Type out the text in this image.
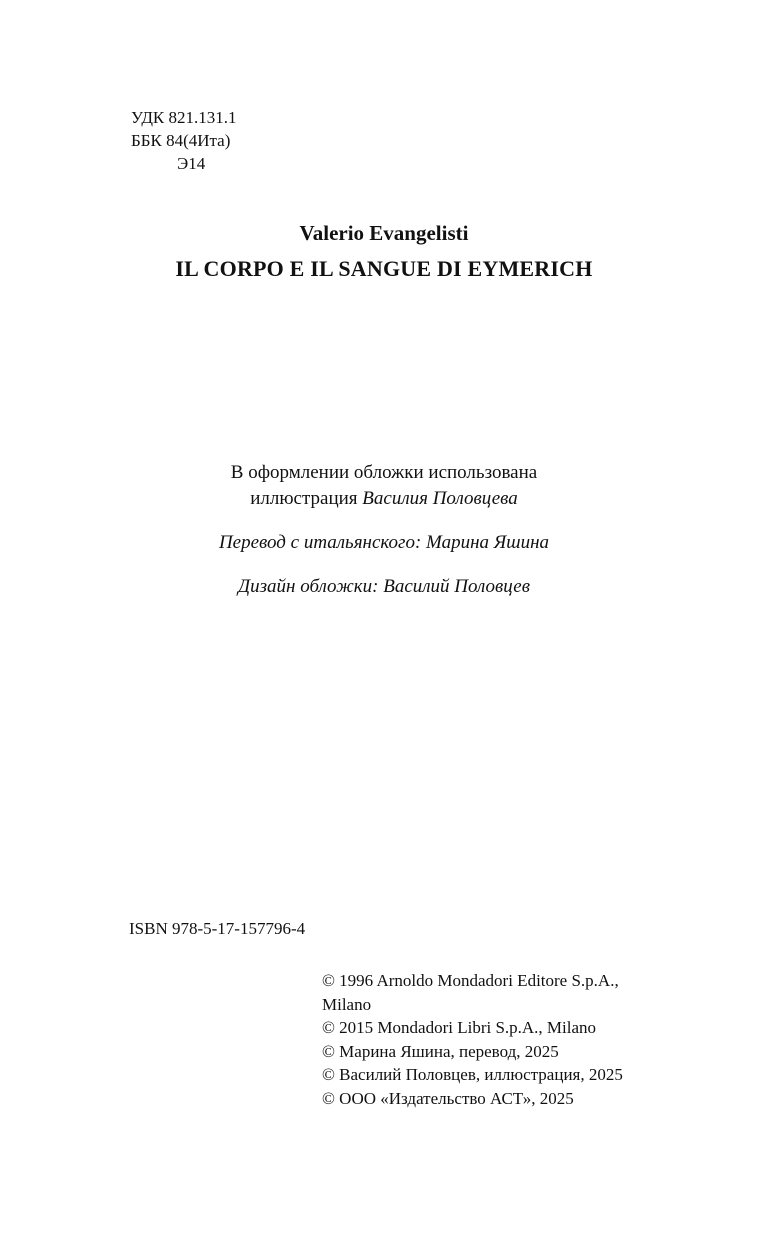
УДК 821.131.1
ББК 84(4Ита)
Э14
Valerio Evangelisti
IL CORPO E IL SANGUE DI EYMERICH
В оформлении обложки использована
иллюстрация Василия Половцева
Перевод с итальянского: Марина Яшина
Дизайн обложки: Василий Половцев
ISBN 978-5-17-157796-4
© 1996 Arnoldo Mondadori Editore S.p.A.,
Milano
© 2015 Mondadori Libri S.p.A., Milano
© Марина Яшина, перевод, 2025
© Василий Половцев, иллюстрация, 2025
© ООО «Издательство АСТ», 2025
